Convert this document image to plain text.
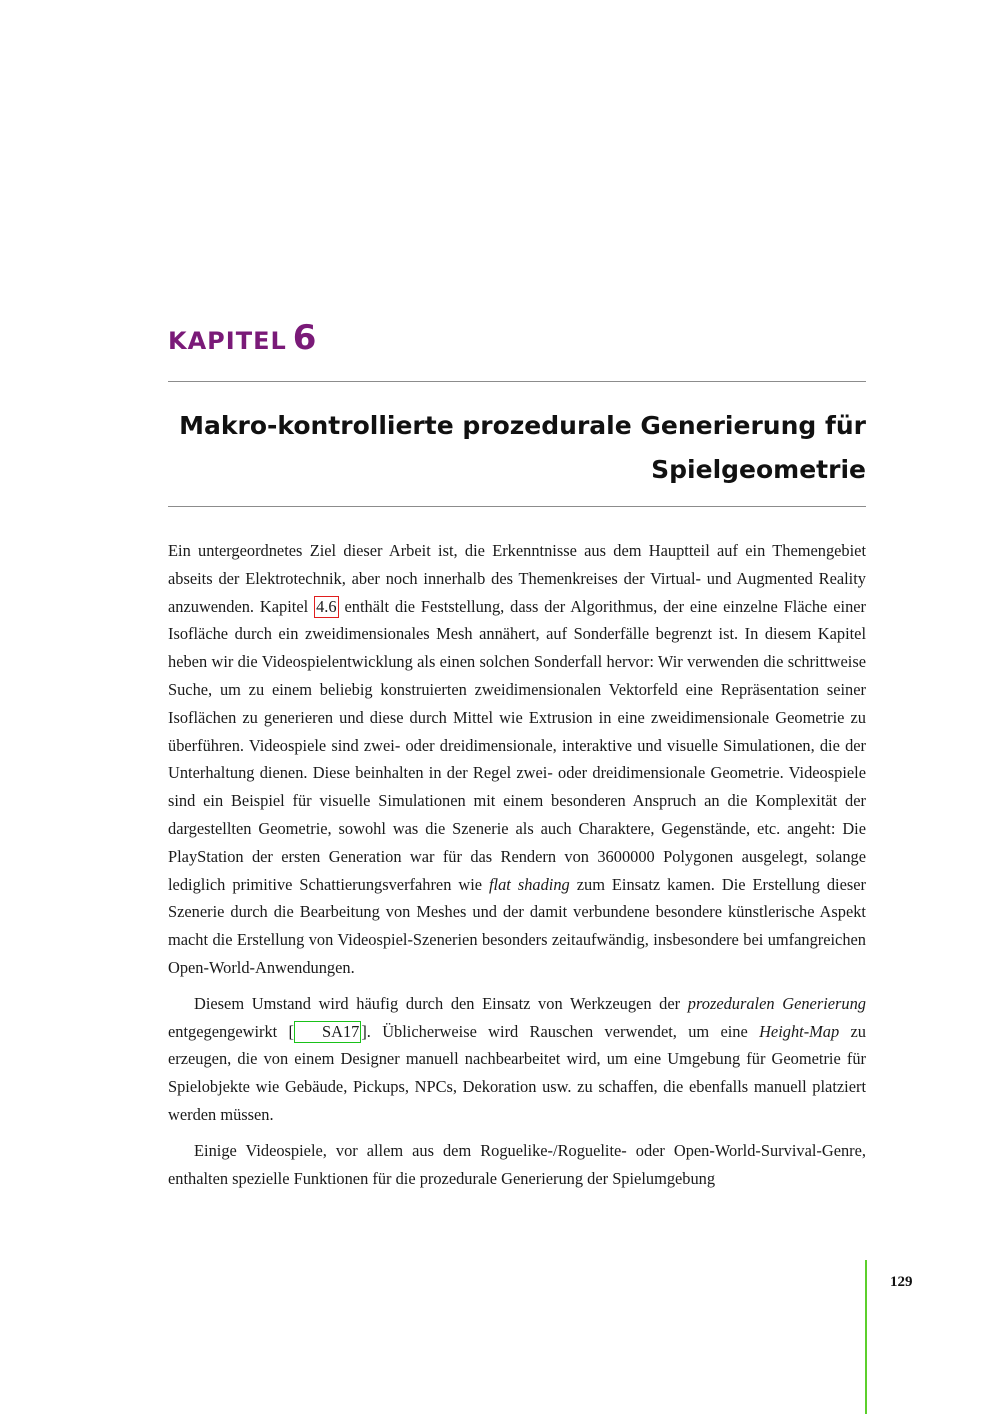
KAPITEL 6
Makro-kontrollierte prozedurale Generierung für
Spielgeometrie

Ein untergeordnetes Ziel dieser Arbeit ist, die Erkenntnisse aus dem Hauptteil auf ein Themengebiet abseits der Elektrotechnik, aber noch innerhalb des Themenkreises der Virtual- und Augmented Reality anzuwenden. Kapitel 4.6 enthält die Feststellung, dass der Algorithmus, der eine einzelne Fläche einer Isofläche durch ein zweidimensionales Mesh annähert, auf Sonderfälle begrenzt ist. In diesem Kapitel heben wir die Videospielentwicklung als einen solchen Sonderfall hervor: Wir verwenden die schrittweise Suche, um zu einem beliebig konstruierten zweidimensionalen Vektorfeld eine Repräsentation seiner Isoflächen zu generieren und diese durch Mittel wie Extrusion in eine zweidimensionale Geometrie zu überführen. Videospiele sind zwei- oder dreidimensionale, interaktive und visuelle Simulationen, die der Unterhaltung dienen. Diese beinhalten in der Regel zwei- oder dreidimensionale Geometrie. Videospiele sind ein Beispiel für visuelle Simulationen mit einem besonderen Anspruch an die Komplexität der dargestellten Geometrie, sowohl was die Szenerie als auch Charaktere, Gegenstände, etc. angeht: Die PlayStation der ersten Generation war für das Rendern von 3600000 Polygonen ausgelegt, solange lediglich primitive Schattierungsverfahren wie flat shading zum Einsatz kamen. Die Erstellung dieser Szenerie durch die Bearbeitung von Meshes und der damit verbundene besondere künstlerische Aspekt macht die Erstellung von Videospiel-Szenerien besonders zeitaufwändig, insbesondere bei umfangreichen Open-World-Anwendungen.

Diesem Umstand wird häufig durch den Einsatz von Werkzeugen der prozeduralen Generierung entgegengewirkt [ SA17 ]. Üblicherweise wird Rauschen verwendet, um eine Height-Map zu erzeugen, die von einem Designer manuell nachbearbeitet wird, um eine Umgebung für Geometrie für Spielobjekte wie Gebäude, Pickups, NPCs, Dekoration usw. zu schaffen, die ebenfalls manuell platziert werden müssen.

Einige Videospiele, vor allem aus dem Roguelike-/Roguelite- oder Open-World-Survival-Genre, enthalten spezielle Funktionen für die prozedurale Generierung der Spielumgebung

129
